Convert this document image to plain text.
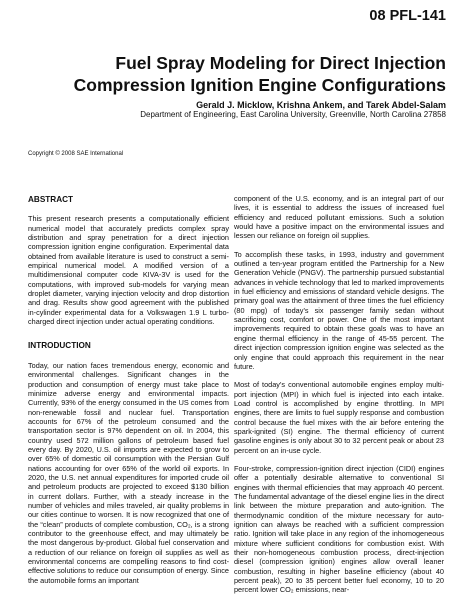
08 PFL-141
Fuel Spray Modeling for Direct Injection Compression Ignition Engine Configurations
Gerald J. Micklow, Krishna Ankem, and Tarek Abdel-Salam
Department of Engineering, East Carolina University, Greenville, North Carolina 27858
Copyright © 2008 SAE International
ABSTRACT

This present research presents a computationally efficient numerical model that accurately predicts complex spray distribution and spray penetration for a direct injection compression ignition engine configuration. Experimental data obtained from available literature is used to construct a semi-empirical numerical model. A modified version of a multidimensional computer code KIVA-3V is used for the computations, with improved sub-models for varying mean droplet diameter, varying injection velocity and drop distortion and drag. Results show good agreement with the published in-cylinder experimental data for a Volkswagen 1.9 L turbo-charged direct injection under actual operating conditions.

INTRODUCTION

Today, our nation faces tremendous energy, economic and environmental challenges. Significant changes in the production and consumption of energy must take place to minimize adverse energy and environmental impacts. Currently, 93% of the energy consumed in the US comes from non-renewable fossil and nuclear fuel. Transportation accounts for 67% of the petroleum consumed and the transportation sector is 97% dependent on oil. In 2004, this country used 572 million gallons of petroleum based fuel every day. By 2020, U.S. oil imports are expected to grow to over 65% of domestic oil consumption with the Persian Gulf nations accounting for over 65% of the world oil exports. In 2020, the U.S. net annual expenditures for imported crude oil and petroleum products are projected to exceed $130 billion in current dollars. Further, with a steady increase in the number of vehicles and miles traveled, air quality problems in our cities continue to worsen. It is now recognized that one of the “clean” products of complete combustion, CO₂, is a strong contributor to the greenhouse effect, and may ultimately be the most dangerous by-product. Global fuel conservation and a reduction of our reliance on foreign oil supplies as well as environmental concerns are compelling reasons to find cost-effective solutions to reduce our consumption of energy. Since the automobile forms an important

component of the U.S. economy, and is an integral part of our lives, it is essential to address the issues of increased fuel efficiency and reduced pollutant emissions. Such a solution would have a positive impact on the environmental issues and lessen our reliance on foreign oil supplies.

To accomplish these tasks, in 1993, industry and government outlined a ten-year program entitled the Partnership for a New Generation Vehicle (PNGV). The partnership pursued substantial advances in vehicle technology that led to marked improvements in fuel efficiency and emissions of standard vehicle designs. The primary goal was the attainment of three times the fuel efficiency (80 mpg) of today’s six passenger family sedan without sacrificing cost, comfort or power. One of the most important improvements required to obtain these goals was to have an engine thermal efficiency in the range of 45-55 percent. The direct injection compression ignition engine was selected as the only engine that could approach this requirement in the near future.

Most of today’s conventional automobile engines employ multi-port injection (MPI) in which fuel is injected into each intake. Load control is accomplished by engine throttling. In MPI engines, there are limits to fuel supply response and combustion control because the fuel mixes with the air before entering the spark-ignited (SI) engine. The thermal efficiency of current gasoline engines is only about 30 to 32 percent peak or about 23 percent on an in-use cycle.

Four-stroke, compression-ignition direct injection (CIDI) engines offer a potentially desirable alternative to conventional SI engines with thermal efficiencies that may approach 40 percent. The fundamental advantage of the diesel engine lies in the direct link between the mixture preparation and auto-ignition. The thermodynamic condition of the mixture necessary for auto-ignition can always be reached with a sufficient compression ratio. Ignition will take place in any region of the inhomogeneous mixture where sufficient conditions for combustion exist. With their non-homogeneous combustion process, direct-injection diesel (compression ignition) engines allow overall leaner combustion, resulting in higher baseline efficiency (about 40 percent peak), 20 to 35 percent better fuel economy, 10 to 20 percent lower CO₂ emissions, near-
